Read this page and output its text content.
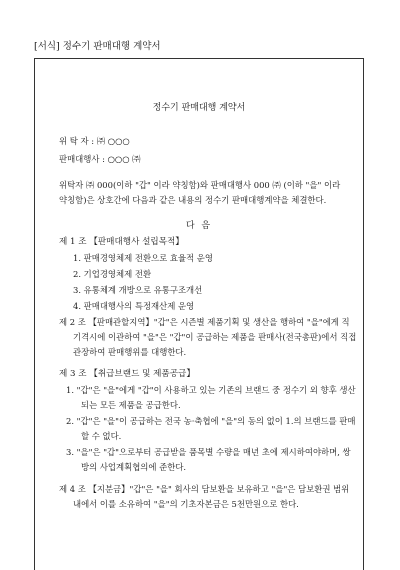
[서식] 정수기 판매대행 계약서
정수기 판매대행 계약서
위 탁 자 : ㈜ ○○○
판매대행사 : ○○○ ㈜
위탁자 ㈜ 000(이하 "갑" 이라 약칭함)와 판매대행사 000 ㈜ (이하 "을" 이라
약칭함)은 상호간에 다음과 같은 내용의 정수기 판매대행계약을 체결한다.
다 음
제 1 조 【판매대행사 설립목적】
1. 판매경영체제 전환으로 효율적 운영
2. 기업경영체제 전환
3. 유통체계 개방으로 유통구조개선
4. 판매대행사의 특정재산제 운영
제 2 조 【판매관할지역】"갑"은 시즌별 제품기획 및 생산을 행하여 "을"에게 직
기격시에 이관하여 "을"은 "갑"이 공급하는 제품을 판매사(전국총판)에서 직접
관장하여 판매행위를 대행한다.
제 3 조 【취급브랜드 및 제품공급】
1. "갑"은 "을"에게 "갑"이 사용하고 있는 기존의 브랜드 중 정수기 외 향후 생산
되는 모든 제품을 공급한다.
2. "갑"은 "을"이 공급하는 전국 농·축협에 "을"의 동의 없이 1.의 브랜드를 판매
할 수 없다.
3. "을"은 "갑"으로부터 공급받을 품목별 수량을 매년 초에 제시하여야하며, 쌍
방의 사업계획협의에 준한다.
제 4 조 【지분금】"갑"은 "을" 회사의 담보환을 보유하고 "을"은 담보환권 범위
내에서 이를 소유하여 "을"의 기초자본금은 5천만원으로 한다.
